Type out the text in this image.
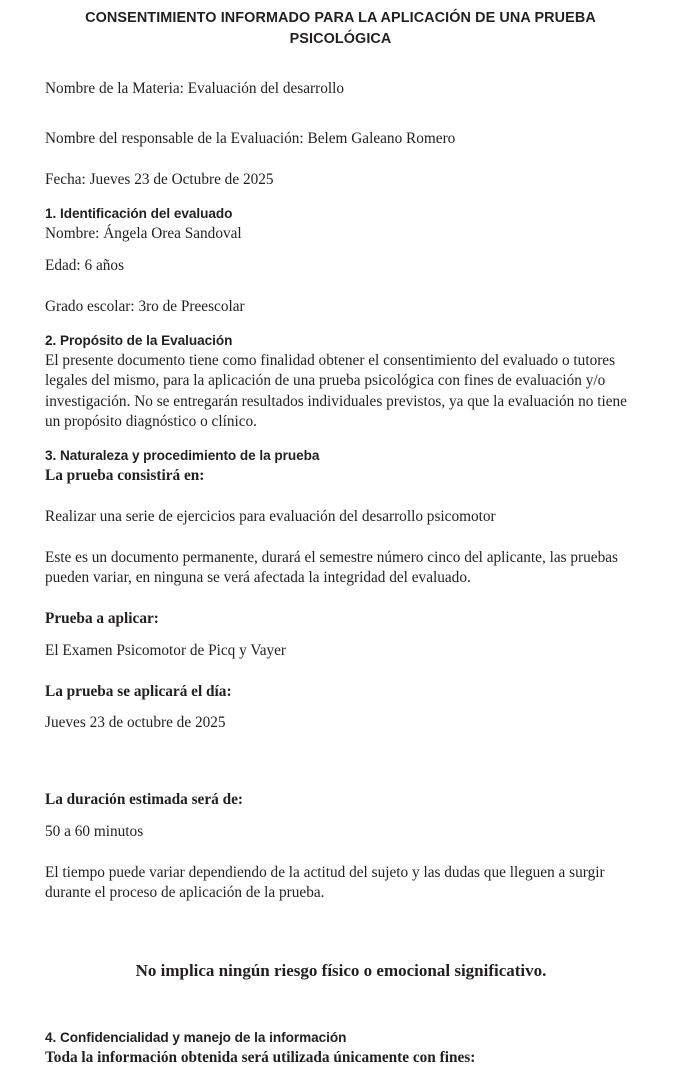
CONSENTIMIENTO INFORMADO PARA LA APLICACIÓN DE UNA PRUEBA
PSICOLÓGICA

Nombre de la Materia: Evaluación del desarrollo

Nombre del responsable de la Evaluación: Belem Galeano Romero

Fecha: Jueves 23 de Octubre de 2025

1. Identificación del evaluado

Nombre: Ángela Orea Sandoval

Edad: 6 años

Grado escolar: 3ro de Preescolar

2. Propósito de la Evaluación

El presente documento tiene como finalidad obtener el consentimiento del evaluado o tutores legales del mismo, para la aplicación de una prueba psicológica con fines de evaluación y/o investigación. No se entregarán resultados individuales previstos, ya que la evaluación no tiene un propósito diagnóstico o clínico.

3. Naturaleza y procedimiento de la prueba

La prueba consistirá en:

Realizar una serie de ejercicios para evaluación del desarrollo psicomotor

Este es un documento permanente, durará el semestre número cinco del aplicante, las pruebas pueden variar, en ninguna se verá afectada la integridad del evaluado.

Prueba a aplicar:

El Examen Psicomotor de Picq y Vayer

La prueba se aplicará el día:

Jueves 23 de octubre de 2025

La duración estimada será de:

50 a 60 minutos

El tiempo puede variar dependiendo de la actitud del sujeto y las dudas que lleguen a surgir durante el proceso de aplicación de la prueba.

No implica ningún riesgo físico o emocional significativo.

4. Confidencialidad y manejo de la información

Toda la información obtenida será utilizada únicamente con fines:
